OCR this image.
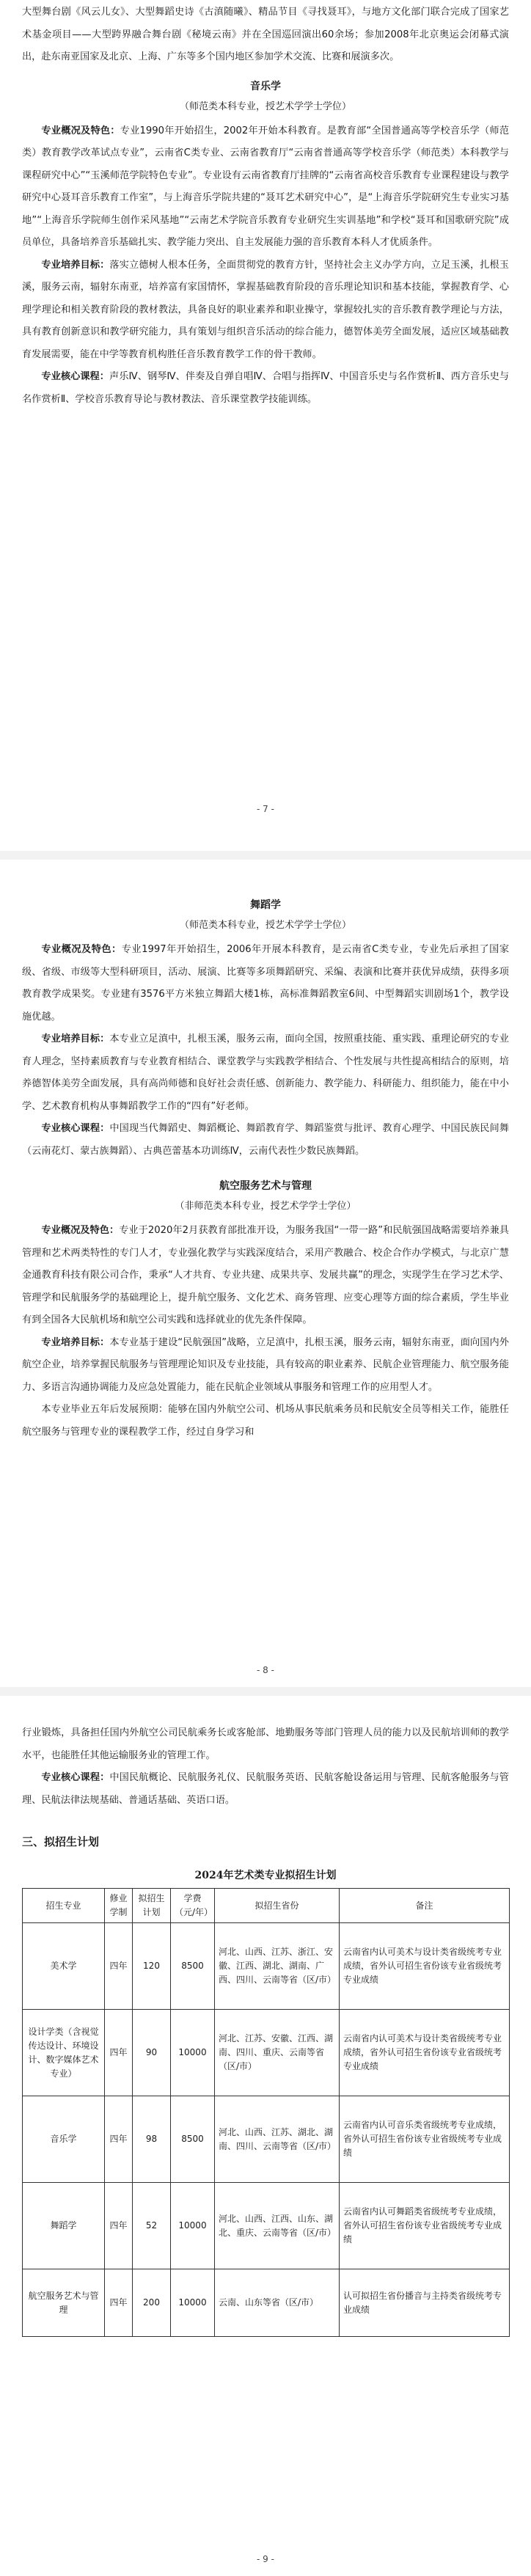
大型舞台剧《风云儿女》、大型舞蹈史诗《古滇随曦》、精品节目《寻找聂耳》，与地方文化部门联合完成了国家艺术基金项目——大型跨界融合舞台剧《秘境云南》并在全国巡回演出60余场；参加2008年北京奥运会闭幕式演出，赴东南亚国家及北京、上海、广东等多个国内地区参加学术交流、比赛和展演多次。

音乐学
（师范类本科专业，授艺术学学士学位）

专业概况及特色：专业1990年开始招生，2002年开始本科教育。是教育部“全国普通高等学校音乐学（师范类）教育教学改革试点专业”，云南省C类专业、云南省教育厅“云南省普通高等学校音乐学（师范类）本科教学与课程研究中心”“玉溪师范学院特色专业”。专业设有云南省教育厅挂牌的“云南省高校音乐教育专业课程建设与教学研究中心聂耳音乐教育工作室”，与上海音乐学院共建的“聂耳艺术研究中心”，是“上海音乐学院研究生专业实习基地”“上海音乐学院师生创作采风基地”“云南艺术学院音乐教育专业研究生实训基地”和学校“聂耳和国歌研究院”成员单位，具备培养音乐基础扎实、教学能力突出、自主发展能力强的音乐教育本科人才优质条件。

专业培养目标：落实立德树人根本任务，全面贯彻党的教育方针，坚持社会主义办学方向，立足玉溪，扎根玉溪，服务云南，辐射东南亚，培养富有家国情怀，掌握基础教育阶段的音乐理论知识和基本技能，掌握教育学、心理学理论和相关教育阶段的教材教法，具备良好的职业素养和职业操守，掌握较扎实的音乐教育教学理论与方法，具有教育创新意识和教学研究能力，具有策划与组织音乐活动的综合能力，德智体美劳全面发展，适应区域基础教育发展需要，能在中学等教育机构胜任音乐教育教学工作的骨干教师。

专业核心课程：声乐Ⅳ、钢琴Ⅳ、伴奏及自弹自唱Ⅳ、合唱与指挥Ⅳ、中国音乐史与名作赏析Ⅱ、西方音乐史与名作赏析Ⅱ、学校音乐教育导论与教材教法、音乐课堂教学技能训练。

- 7 -
舞蹈学
（师范类本科专业，授艺术学学士学位）

专业概况及特色：专业1997年开始招生，2006年开展本科教育，是云南省C类专业，专业先后承担了国家级、省级、市级等大型科研项目，活动、展演、比赛等多项舞蹈研究、采编、表演和比赛并获优异成绩，获得多项教育教学成果奖。专业建有3576平方米独立舞蹈大楼1栋，高标准舞蹈教室6间、中型舞蹈实训剧场1个，教学设施优越。

专业培养目标：本专业立足滇中，扎根玉溪，服务云南，面向全国，按照重技能、重实践、重理论研究的专业育人理念，坚持素质教育与专业教育相结合、课堂教学与实践教学相结合、个性发展与共性提高相结合的原则，培养德智体美劳全面发展，具有高尚师德和良好社会责任感、创新能力、教学能力、科研能力、组织能力，能在中小学、艺术教育机构从事舞蹈教学工作的“四有”好老师。

专业核心课程：中国现当代舞蹈史、舞蹈概论、舞蹈教育学、舞蹈鉴赏与批评、教育心理学、中国民族民间舞（云南花灯、蒙古族舞蹈）、古典芭蕾基本功训练Ⅳ，云南代表性少数民族舞蹈。

航空服务艺术与管理
（非师范类本科专业，授艺术学学士学位）

专业概况及特色：专业于2020年2月获教育部批准开设，为服务我国“一带一路”和民航强国战略需要培养兼具管理和艺术两类特性的专门人才，专业强化教学与实践深度结合，采用产教融合、校企合作办学模式，与北京广慧金通教育科技有限公司合作，秉承“人才共育、专业共建、成果共享、发展共赢”的理念，实现学生在学习艺术学、管理学和民航服务学的基础理论上，提升航空服务、文化艺术、商务管理、应变心理等方面的综合素质，学生毕业有到全国各大民航机场和航空公司实践和选择就业的优先条件保障。

专业培养目标：本专业基于建设“民航强国”战略，立足滇中，扎根玉溪，服务云南，辐射东南亚，面向国内外航空企业，培养掌握民航服务与管理理论知识及专业技能，具有较高的职业素养、民航企业管理能力、航空服务能力、多语言沟通协调能力及应急处置能力，能在民航企业领域从事服务和管理工作的应用型人才。

本专业毕业五年后发展预期：能够在国内外航空公司、机场从事民航乘务员和民航安全员等相关工作，能胜任航空服务与管理专业的课程教学工作，经过自身学习和

- 8 -

行业锻炼，具备担任国内外航空公司民航乘务长或客舱部、地勤服务等部门管理人员的能力以及民航培训师的教学水平，也能胜任其他运输服务业的管理工作。

专业核心课程：中国民航概论、民航服务礼仪、民航服务英语、民航客舱设备运用与管理、民航客舱服务与管理、民航法律法规基础、普通话基础、英语口语。

三、拟招生计划
2024年艺术类专业拟招生计划
招生专业	修业学制	拟招生计划	学费（元/年）	拟招生省份	备注
美术学	四年	120	8500	河北、山西、江苏、浙江、安徽、江西、湖北、湖南、广西、四川、云南等省（区/市）	云南省内认可美术与设计类省级统考专业成绩，省外认可招生省份该专业省级统考专业成绩
设计学类（含视觉传达设计、环境设计、数字媒体艺术专业）	四年	90	10000	河北、江苏、安徽、江西、湖南、四川、重庆、云南等省（区/市）	云南省内认可美术与设计类省级统考专业成绩，省外认可招生省份该专业省级统考专业成绩
音乐学	四年	98	8500	河北、山西、江苏、湖北、湖南、四川、云南等省（区/市）	云南省内认可音乐类省级统考专业成绩，省外认可招生省份该专业省级统考专业成绩
舞蹈学	四年	52	10000	河北、山西、江西、山东、湖北、重庆、云南等省（区/市）	云南省内认可舞蹈类省级统考专业成绩，省外认可招生省份该专业省级统考专业成绩
航空服务艺术与管理	四年	200	10000	云南、山东等省（区/市）	认可拟招生省份播音与主持类省级统考专业成绩
- 9 -
